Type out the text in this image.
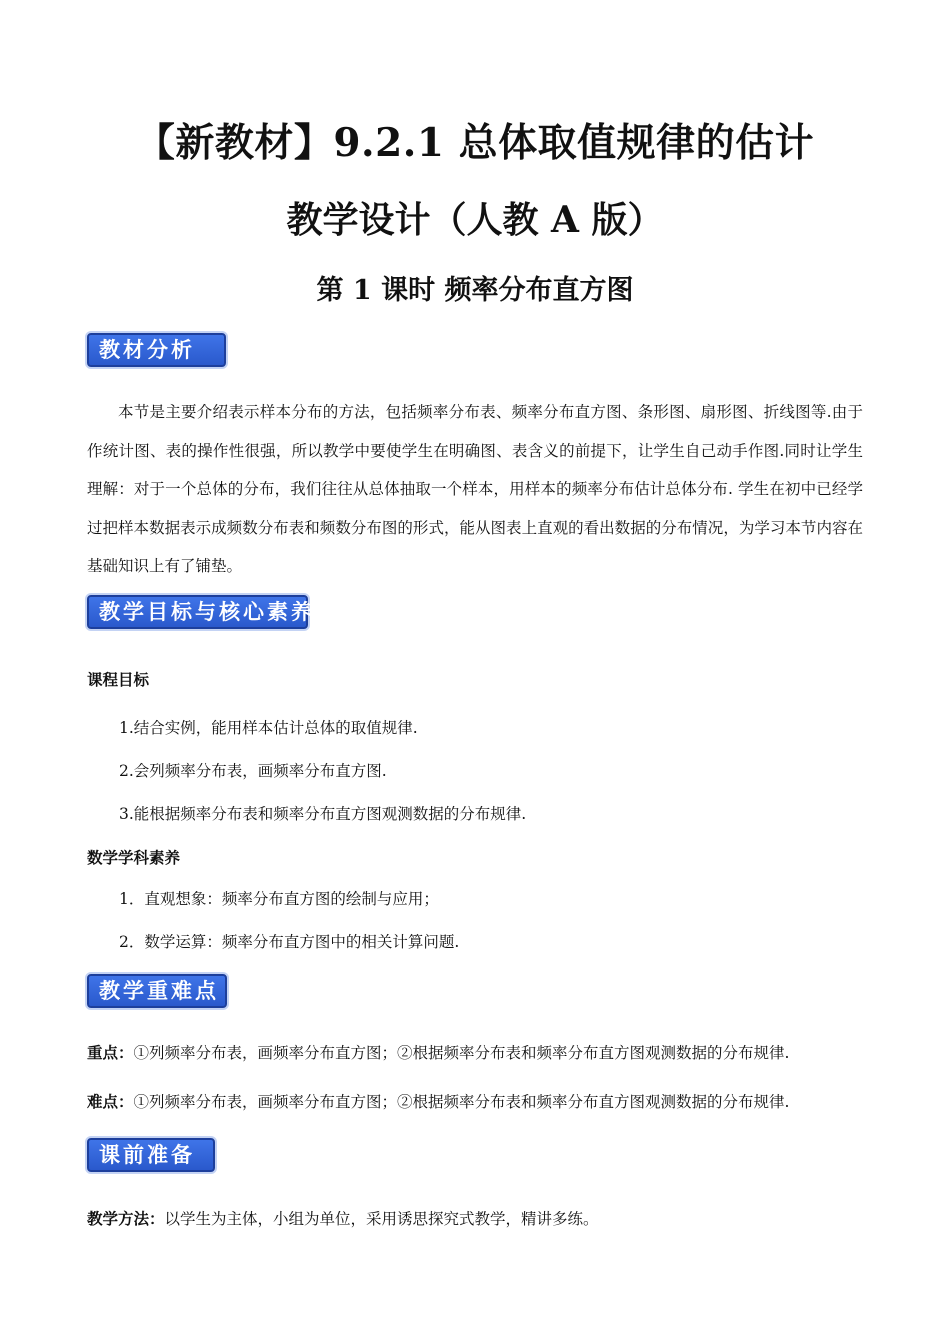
【新教材】9.2.1 总体取值规律的估计
教学设计（人教 A 版）
第 1 课时 频率分布直方图
教材分析

本节是主要介绍表示样本分布的方法，包括频率分布表、频率分布直方图、条形图、扇形图、折线图等.由于作统计图、表的操作性很强，所以教学中要使学生在明确图、表含义的前提下，让学生自己动手作图.同时让学生理解：对于一个总体的分布，我们往往从总体抽取一个样本，用样本的频率分布估计总体分布. 学生在初中已经学过把样本数据表示成频数分布表和频数分布图的形式，能从图表上直观的看出数据的分布情况，为学习本节内容在基础知识上有了铺垫。

教学目标与核心素养

课程目标

1.结合实例，能用样本估计总体的取值规律.

2.会列频率分布表，画频率分布直方图.

3.能根据频率分布表和频率分布直方图观测数据的分布规律.

数学学科素养

1．直观想象：频率分布直方图的绘制与应用；

2．数学运算：频率分布直方图中的相关计算问题.

教学重难点

重点：①列频率分布表，画频率分布直方图；②根据频率分布表和频率分布直方图观测数据的分布规律.

难点：①列频率分布表，画频率分布直方图；②根据频率分布表和频率分布直方图观测数据的分布规律.

课前准备

教学方法：以学生为主体，小组为单位，采用诱思探究式教学，精讲多练。
